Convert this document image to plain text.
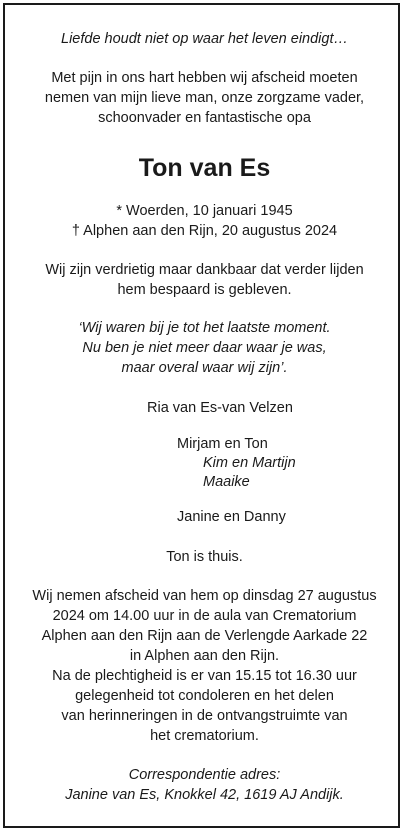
Liefde houdt niet op waar het leven eindigt…
Met pijn in ons hart hebben wij afscheid moeten
nemen van mijn lieve man, onze zorgzame vader,
schoonvader en fantastische opa
Ton van Es
* Woerden, 10 januari 1945
† Alphen aan den Rijn, 20 augustus 2024
Wij zijn verdrietig maar dankbaar dat verder lijden
hem bespaard is gebleven.
‘Wij waren bij je tot het laatste moment.
Nu ben je niet meer daar waar je was,
maar overal waar wij zijn’.
Ria van Es-van Velzen
Mirjam en Ton
Kim en Martijn
Maaike
Janine en Danny
Ton is thuis.
Wij nemen afscheid van hem op dinsdag 27 augustus
2024 om 14.00 uur in de aula van Crematorium
Alphen aan den Rijn aan de Verlengde Aarkade 22
in Alphen aan den Rijn.
Na de plechtigheid is er van 15.15 tot 16.30 uur
gelegenheid tot condoleren en het delen
van herinneringen in de ontvangstruimte van
het crematorium.
Correspondentie adres:
Janine van Es, Knokkel 42, 1619 AJ Andijk.
